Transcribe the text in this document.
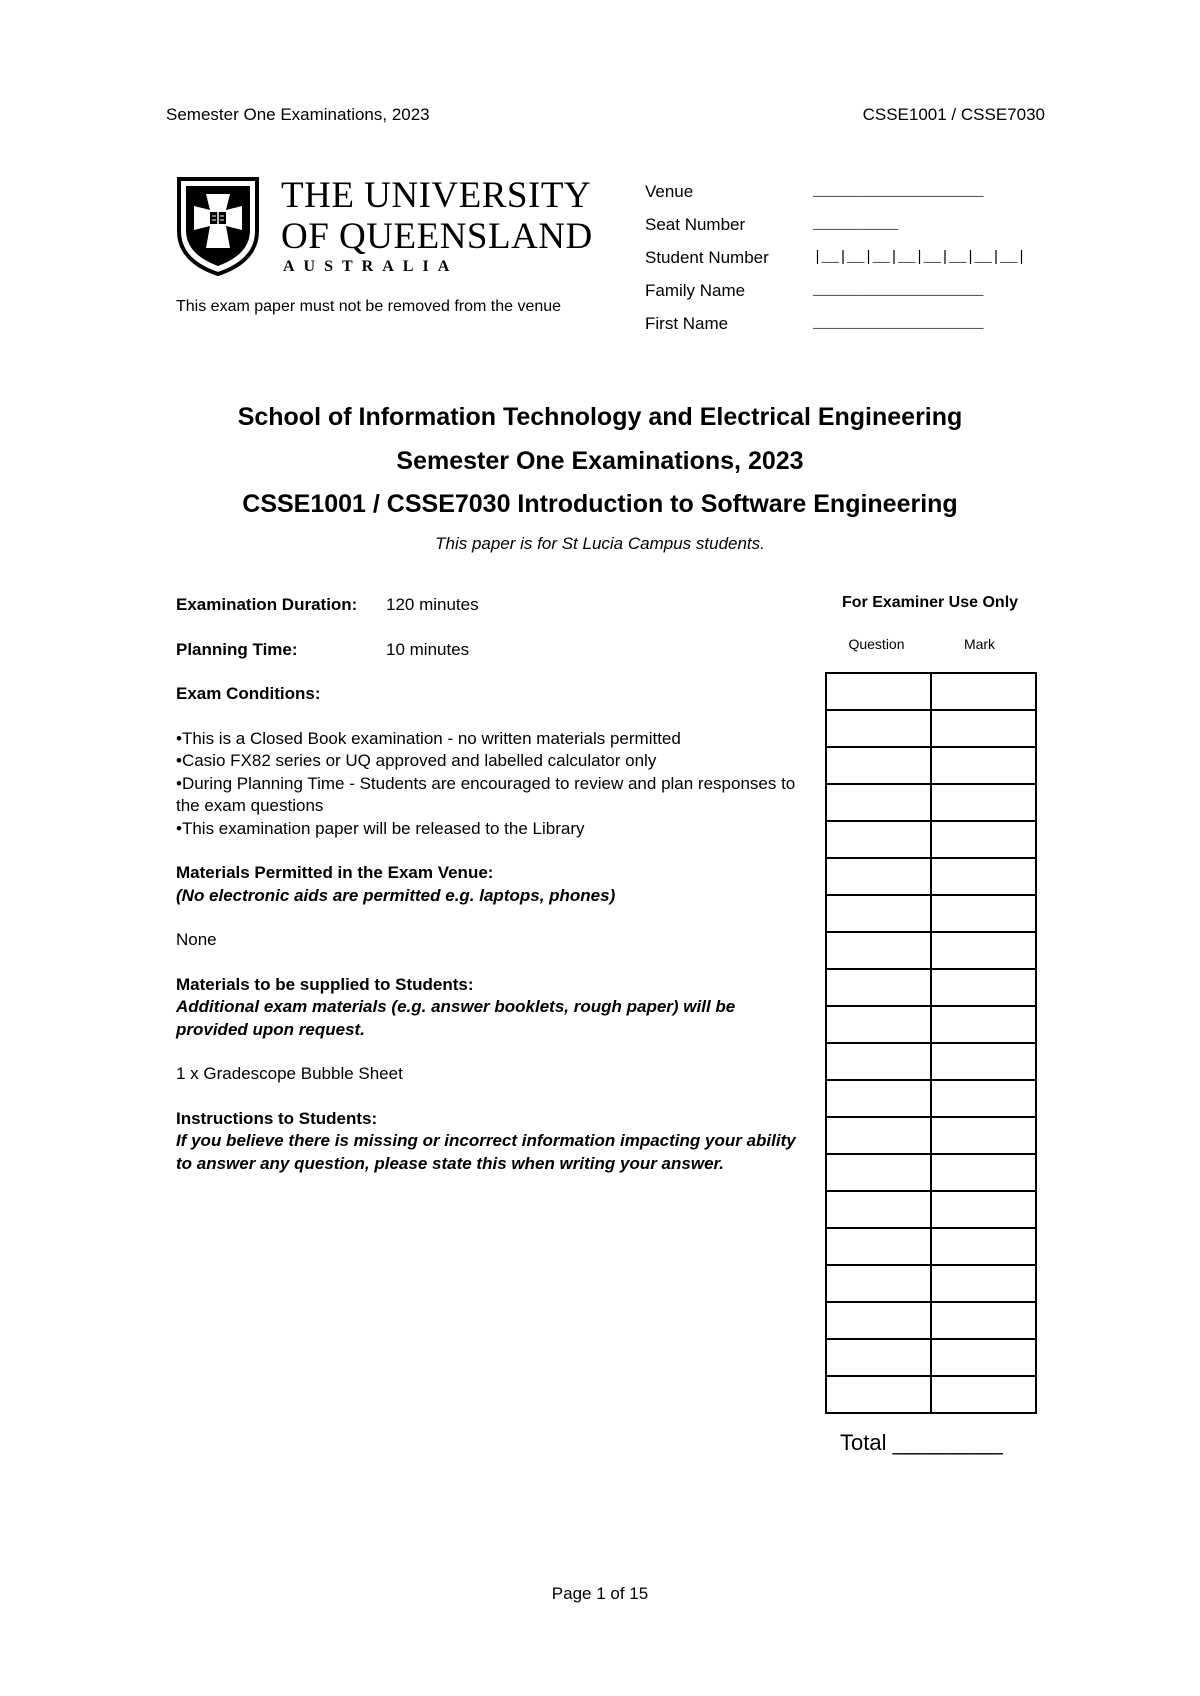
Semester One Examinations, 2023	CSSE1001 / CSSE7030
THE UNIVERSITY
OF QUEENSLAND
AUSTRALIA
This exam paper must not be removed from the venue
Venue	____________________
Seat Number	__________
Student Number	|__|__|__|__|__|__|__|__|
Family Name	____________________
First Name	____________________
School of Information Technology and Electrical Engineering
Semester One Examinations, 2023
CSSE1001 / CSSE7030 Introduction to Software Engineering
This paper is for St Lucia Campus students.
Examination Duration:	120 minutes
Planning Time:	10 minutes
Exam Conditions:
•This is a Closed Book examination - no written materials permitted
•Casio FX82 series or UQ approved and labelled calculator only
•During Planning Time - Students are encouraged to review and plan responses to the exam questions
•This examination paper will be released to the Library
Materials Permitted in the Exam Venue:
(No electronic aids are permitted e.g. laptops, phones)
None
Materials to be supplied to Students:
Additional exam materials (e.g. answer booklets, rough paper) will be provided upon request.
1 x Gradescope Bubble Sheet
Instructions to Students:
If you believe there is missing or incorrect information impacting your ability to answer any question, please state this when writing your answer.
For Examiner Use Only
Question	Mark

Total _________
Page 1 of 15
